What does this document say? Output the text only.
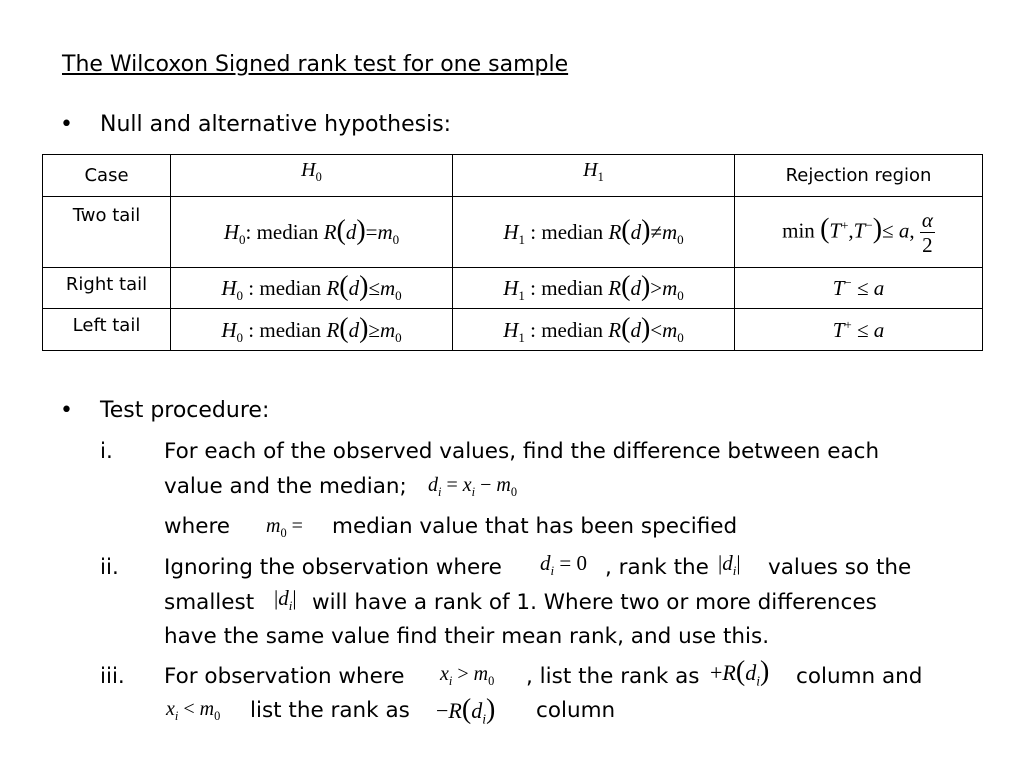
The Wilcoxon Signed rank test for one sample
• Null and alternative hypothesis:
Case	$H_0$	$H_1$	Rejection region
Two tail	$H_0$: median $R(d)=m_0$	$H_1$ : median $R(d)\ne m_0$	min (T+,T−)≤ a, $\frac{\alpha}{2}$

Right tail	$H_0$ : median $R(d)\le m_0$	$H_1$ : median $R(d)>m_0$	T− ≤ a
Left tail	$H_0$ : median $R(d)\ge m_0$	$H_1$ : median $R(d)<m_0$	T+ ≤ a
• Test procedure:
i. For each of the observed values, find the difference between each
value and the median; $d_i = x_i - m_0$
where $m_0$ = median value that has been specified
ii. Ignoring the observation where $d_i = 0$ , rank the $|d_i|$ values so the
smallest $|d_i|$ will have a rank of 1. Where two or more differences
have the same value find their mean rank, and use this.
iii. For observation where $x_i > m_0$ , list the rank as $+R(d_i)$ column and
$x_i < m_0$ list the rank as $-R(d_i)$ column
